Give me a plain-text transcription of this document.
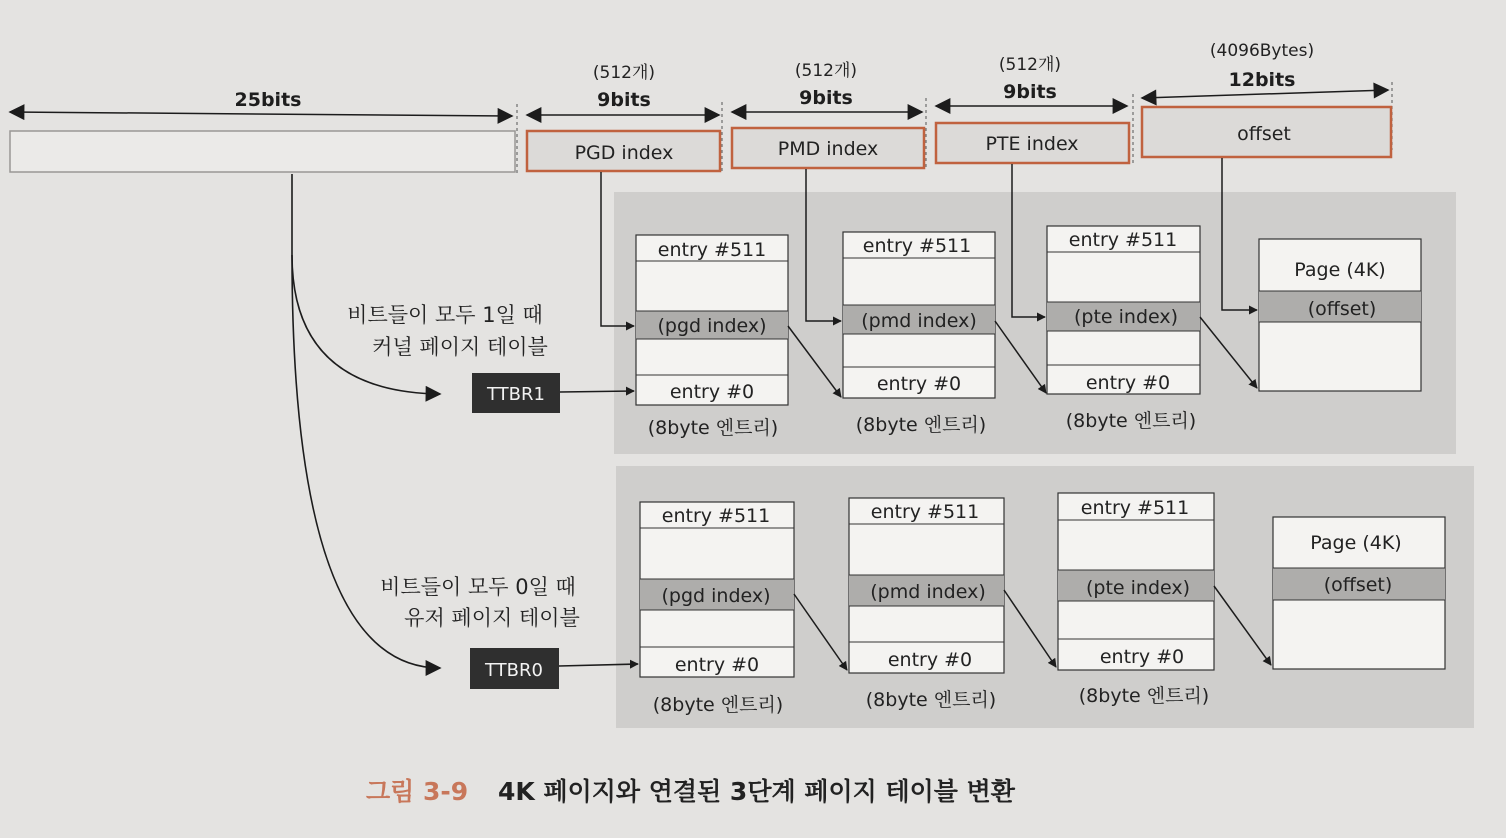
25bits
(512개)
9bits
PGD index
(512개)
9bits
PMD index
(512개)
9bits
PTE index
(4096Bytes)
12bits
offset
entry #511
(pgd index)
entry #0
(8byte 엔트리)
entry #511
(pmd index)
entry #0
(8byte 엔트리)
entry #511
(pte index)
entry #0
(8byte 엔트리)
Page (4K)
(offset)
entry #511
(pgd index)
entry #0
(8byte 엔트리)
entry #511
(pmd index)
entry #0
(8byte 엔트리)
entry #511
(pte index)
entry #0
(8byte 엔트리)
Page (4K)
(offset)
비트들이 모두 1일 때
커널 페이지 테이블
비트들이 모두 0일 때
유저 페이지 테이블
TTBR1
TTBR0
그림 3-9 4K 페이지와 연결된 3단계 페이지 테이블 변환
